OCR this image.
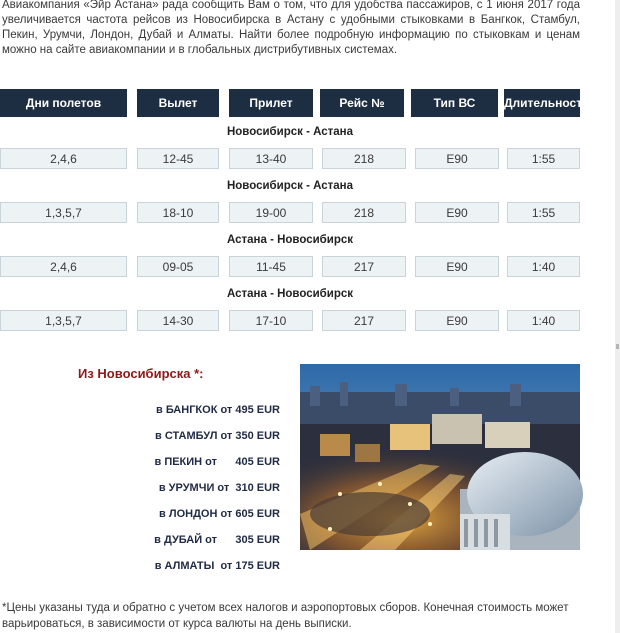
Авиакомпания «Эйр Астана» рада сообщить Вам о том, что для удобства пассажиров, с 1 июня 2017 года увеличивается частота рейсов из Новосибирска в Астану с удобными стыковками в Бангкок, Стамбул, Пекин, Урумчи, Лондон, Дубай и Алматы. Найти более подробную информацию по стыковкам и ценам можно на сайте авиакомпании и в глобальных дистрибутивных системах.
Дни полетов	Вылет	Прилет	Рейс №	Тип ВС	Длительность
Новосибирск - Астана
2,4,6	12-45	13-40	218	E90	1:55
Новосибирск - Астана
1,3,5,7	18-10	19-00	218	E90	1:55
Астана - Новосибирск
2,4,6	09-05	11-45	217	E90	1:40
Астана - Новосибирск
1,3,5,7	14-30	17-10	217	E90	1:40
Из Новосибирска *:
в БАНГКОК от 495 EUR
в СТАМБУЛ от 350 EUR
в ПЕКИН от      405 EUR
в УРУМЧИ от  310 EUR
в ЛОНДОН от 605 EUR
в ДУБАЙ от      305 EUR
в АЛМАТЫ  от 175 EUR
*Цены указаны туда и обратно с учетом всех налогов и аэропортовых сборов. Конечная стоимость может варьироваться, в зависимости от курса валюты на день выписки.
